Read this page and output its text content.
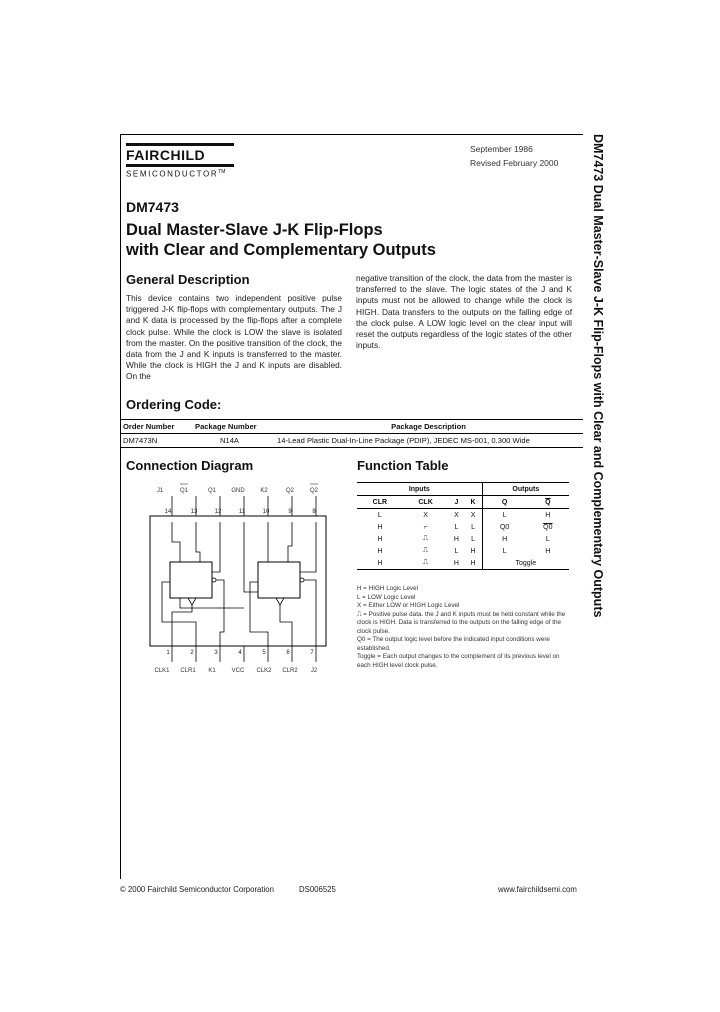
FAIRCHILD
SEMICONDUCTOR™
September 1986
Revised February 2000
DM7473
Dual Master-Slave J-K Flip-Flops
with Clear and Complementary Outputs
General Description
This device contains two independent positive pulse triggered J-K flip-flops with complementary outputs. The J and K data is processed by the flip-flops after a complete clock pulse. While the clock is LOW the slave is isolated from the master. On the positive transition of the clock, the data from the J and K inputs is transferred to the master. While the clock is HIGH the J and K inputs are disabled. On the
negative transition of the clock, the data from the master is transferred to the slave. The logic states of the J and K inputs must not be allowed to change while the clock is HIGH. Data transfers to the outputs on the falling edge of the clock pulse. A LOW logic level on the clear input will reset the outputs regardless of the logic states of the other inputs.
Ordering Code:
Order Number	Package Number	Package Description
DM7473N	N14A	14-Lead Plastic Dual-In-Line Package (PDIP), JEDEC MS-001, 0.300 Wide
Connection Diagram
J1	Q1	Q1	GND	K2	Q2	Q2
14	13	12	11	10	9	8
1	2	3	4	5	6	7
CLK1 CLR1 K1	VCC CLK2 CLR2 J2
Function Table
Inputs				Outputs	
CLR	CLK	J	K	Q	$\overline{Q}$
L	X	X	X	L	H
H	⌐	L	L	Q0	Q0
H	⎍	H	L	H	L
H	⎍	L	H	L	H
H	⎍	H	H	Toggle	
H = HIGH Logic Level
L = LOW Logic Level
X = Either LOW or HIGH Logic Level
⎍ = Positive pulse data. the J and K inputs must be held constant while the clock is HIGH. Data is transferred to the outputs on the falling edge of the clock pulse.
Q0 = The output logic level before the indicated input conditions were established.
Toggle = Each output changes to the complement of its previous level on each HIGH level clock pulse.
© 2000 Fairchild Semiconductor Corporation	DS006525	www.fairchildsemi.com
DM7473 Dual Master-Slave J-K Flip-Flops with Clear and Complementary Outputs
